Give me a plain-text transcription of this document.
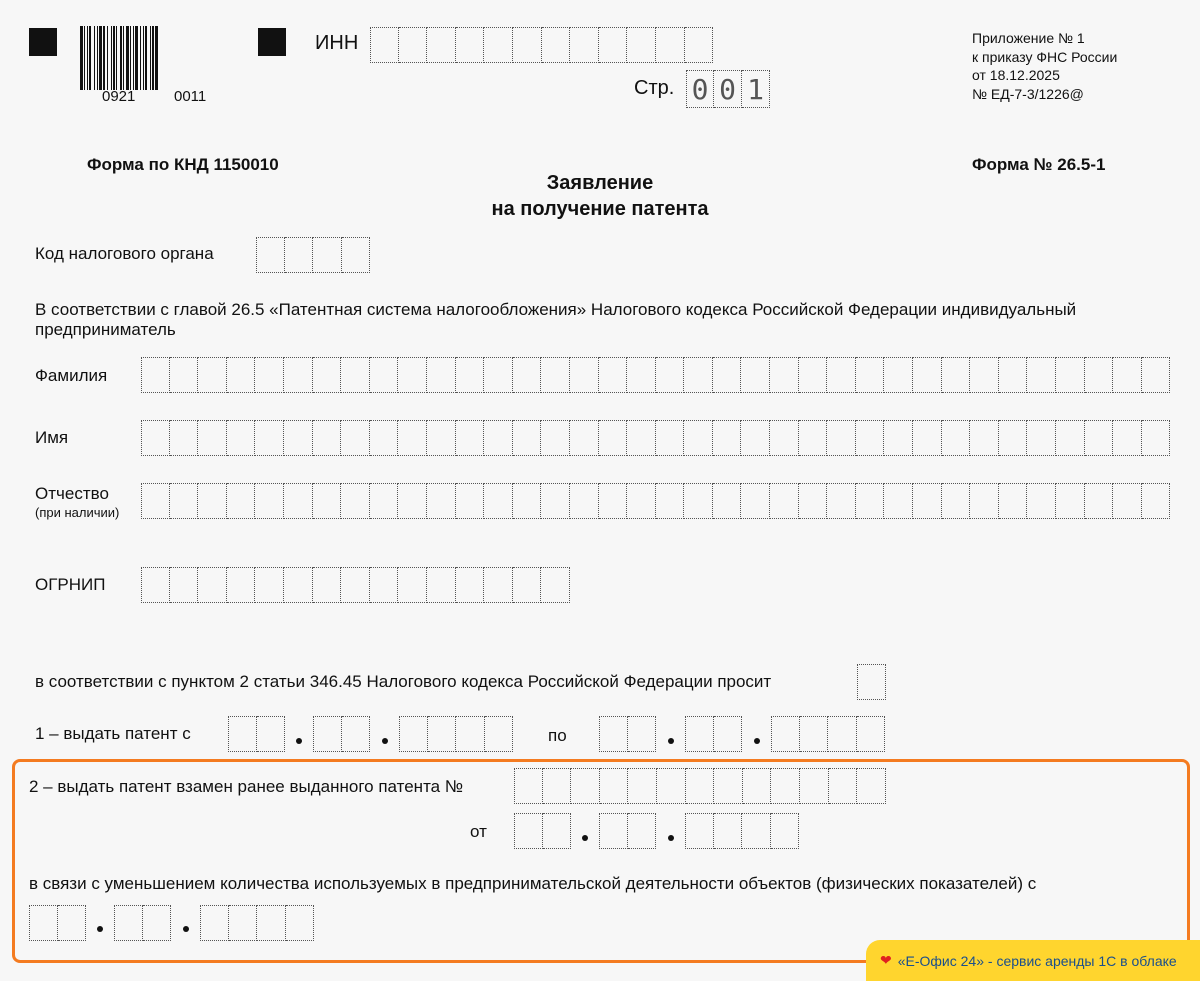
0921	0011
ИНН
Стр. 0 0 1
Приложение № 1
к приказу ФНС России
от 18.12.2025
№ ЕД-7-3/1226@
Форма по КНД 1150010	Форма № 26.5-1
Заявление
на получение патента
Код налогового органа
В соответствии с главой 26.5 «Патентная система налогообложения» Налогового кодекса Российской Федерации индивидуальный
предприниматель
Фамилия
Имя
Отчество
(при наличии)
ОГРНИП
в соответствии с пунктом 2 статьи 346.45 Налогового кодекса Российской Федерации просит
1 – выдать патент с	по
2 – выдать патент взамен ранее выданного патента №
от
в связи с уменьшением количества используемых в предпринимательской деятельности объектов (физических показателей) с
❤ «Е-Офис 24» - сервис аренды 1С в облаке
